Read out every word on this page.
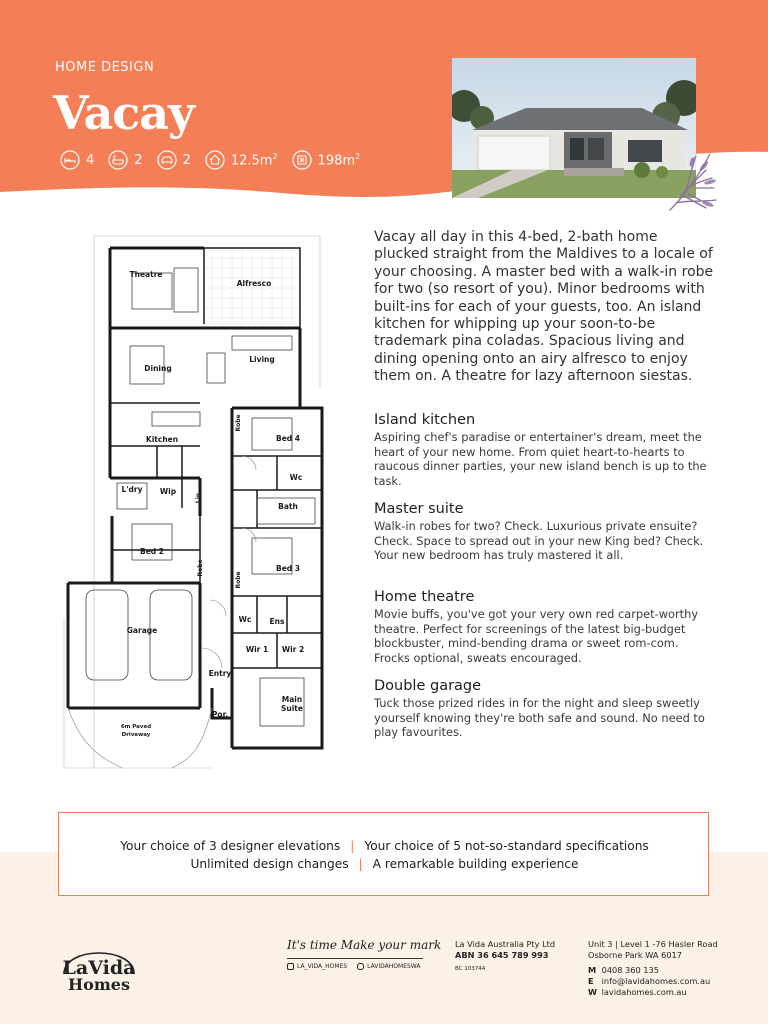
HOME DESIGN
Vacay
4	2	2	$12.5m^2$	$198m^2$
Theatre
Alfresco
Dining
Living
Kitchen	Bed 4
Wc
L'dry Wip
Bath
Bed 2
Bed 3
Garage
Wc Ens
Wir 1 Wir 2
Entry
Por.
Main
Suite
6m Paved
Driveway
Robe
Lin
Robe
Robe
Vacay all day in this 4-bed, 2-bath home plucked straight from the Maldives to a locale of your choosing. A master bed with a walk-in robe for two (so resort of you). Minor bedrooms with built-ins for each of your guests, too. An island kitchen for whipping up your soon-to-be trademark pina coladas. Spacious living and dining opening onto an airy alfresco to enjoy them on. A theatre for lazy afternoon siestas.
Island kitchen

Aspiring chef's paradise or entertainer's dream, meet the heart of your new home. From quiet heart-to-hearts to raucous dinner parties, your new island bench is up to the task.

Master suite

Walk-in robes for two? Check. Luxurious private ensuite? Check. Space to spread out in your new King bed? Check. Your new bedroom has truly mastered it all.

Home theatre

Movie buffs, you've got your very own red carpet-worthy theatre. Perfect for screenings of the latest big-budget blockbuster, mind-bending drama or sweet rom-com. Frocks optional, sweats encouraged.

Double garage

Tuck those prized rides in for the night and sleep sweetly yourself knowing they're both safe and sound. No need to play favourites.

Your choice of 3 designer elevations | Your choice of 5 not-so-standard specifications
Unlimited design changes | A remarkable building experience
LaVida
Homes
It's time Make your mark
LA_VIDA_HOMES	LAVIDAHOMESWA
La Vida Australia Pty Ltd
ABN 36 645 789 993
BC 103744
Unit 3 | Level 1 -76 Hasler Road
Osborne Park WA 6017
M 0408 360 135
E info@lavidahomes.com.au
W lavidahomes.com.au
